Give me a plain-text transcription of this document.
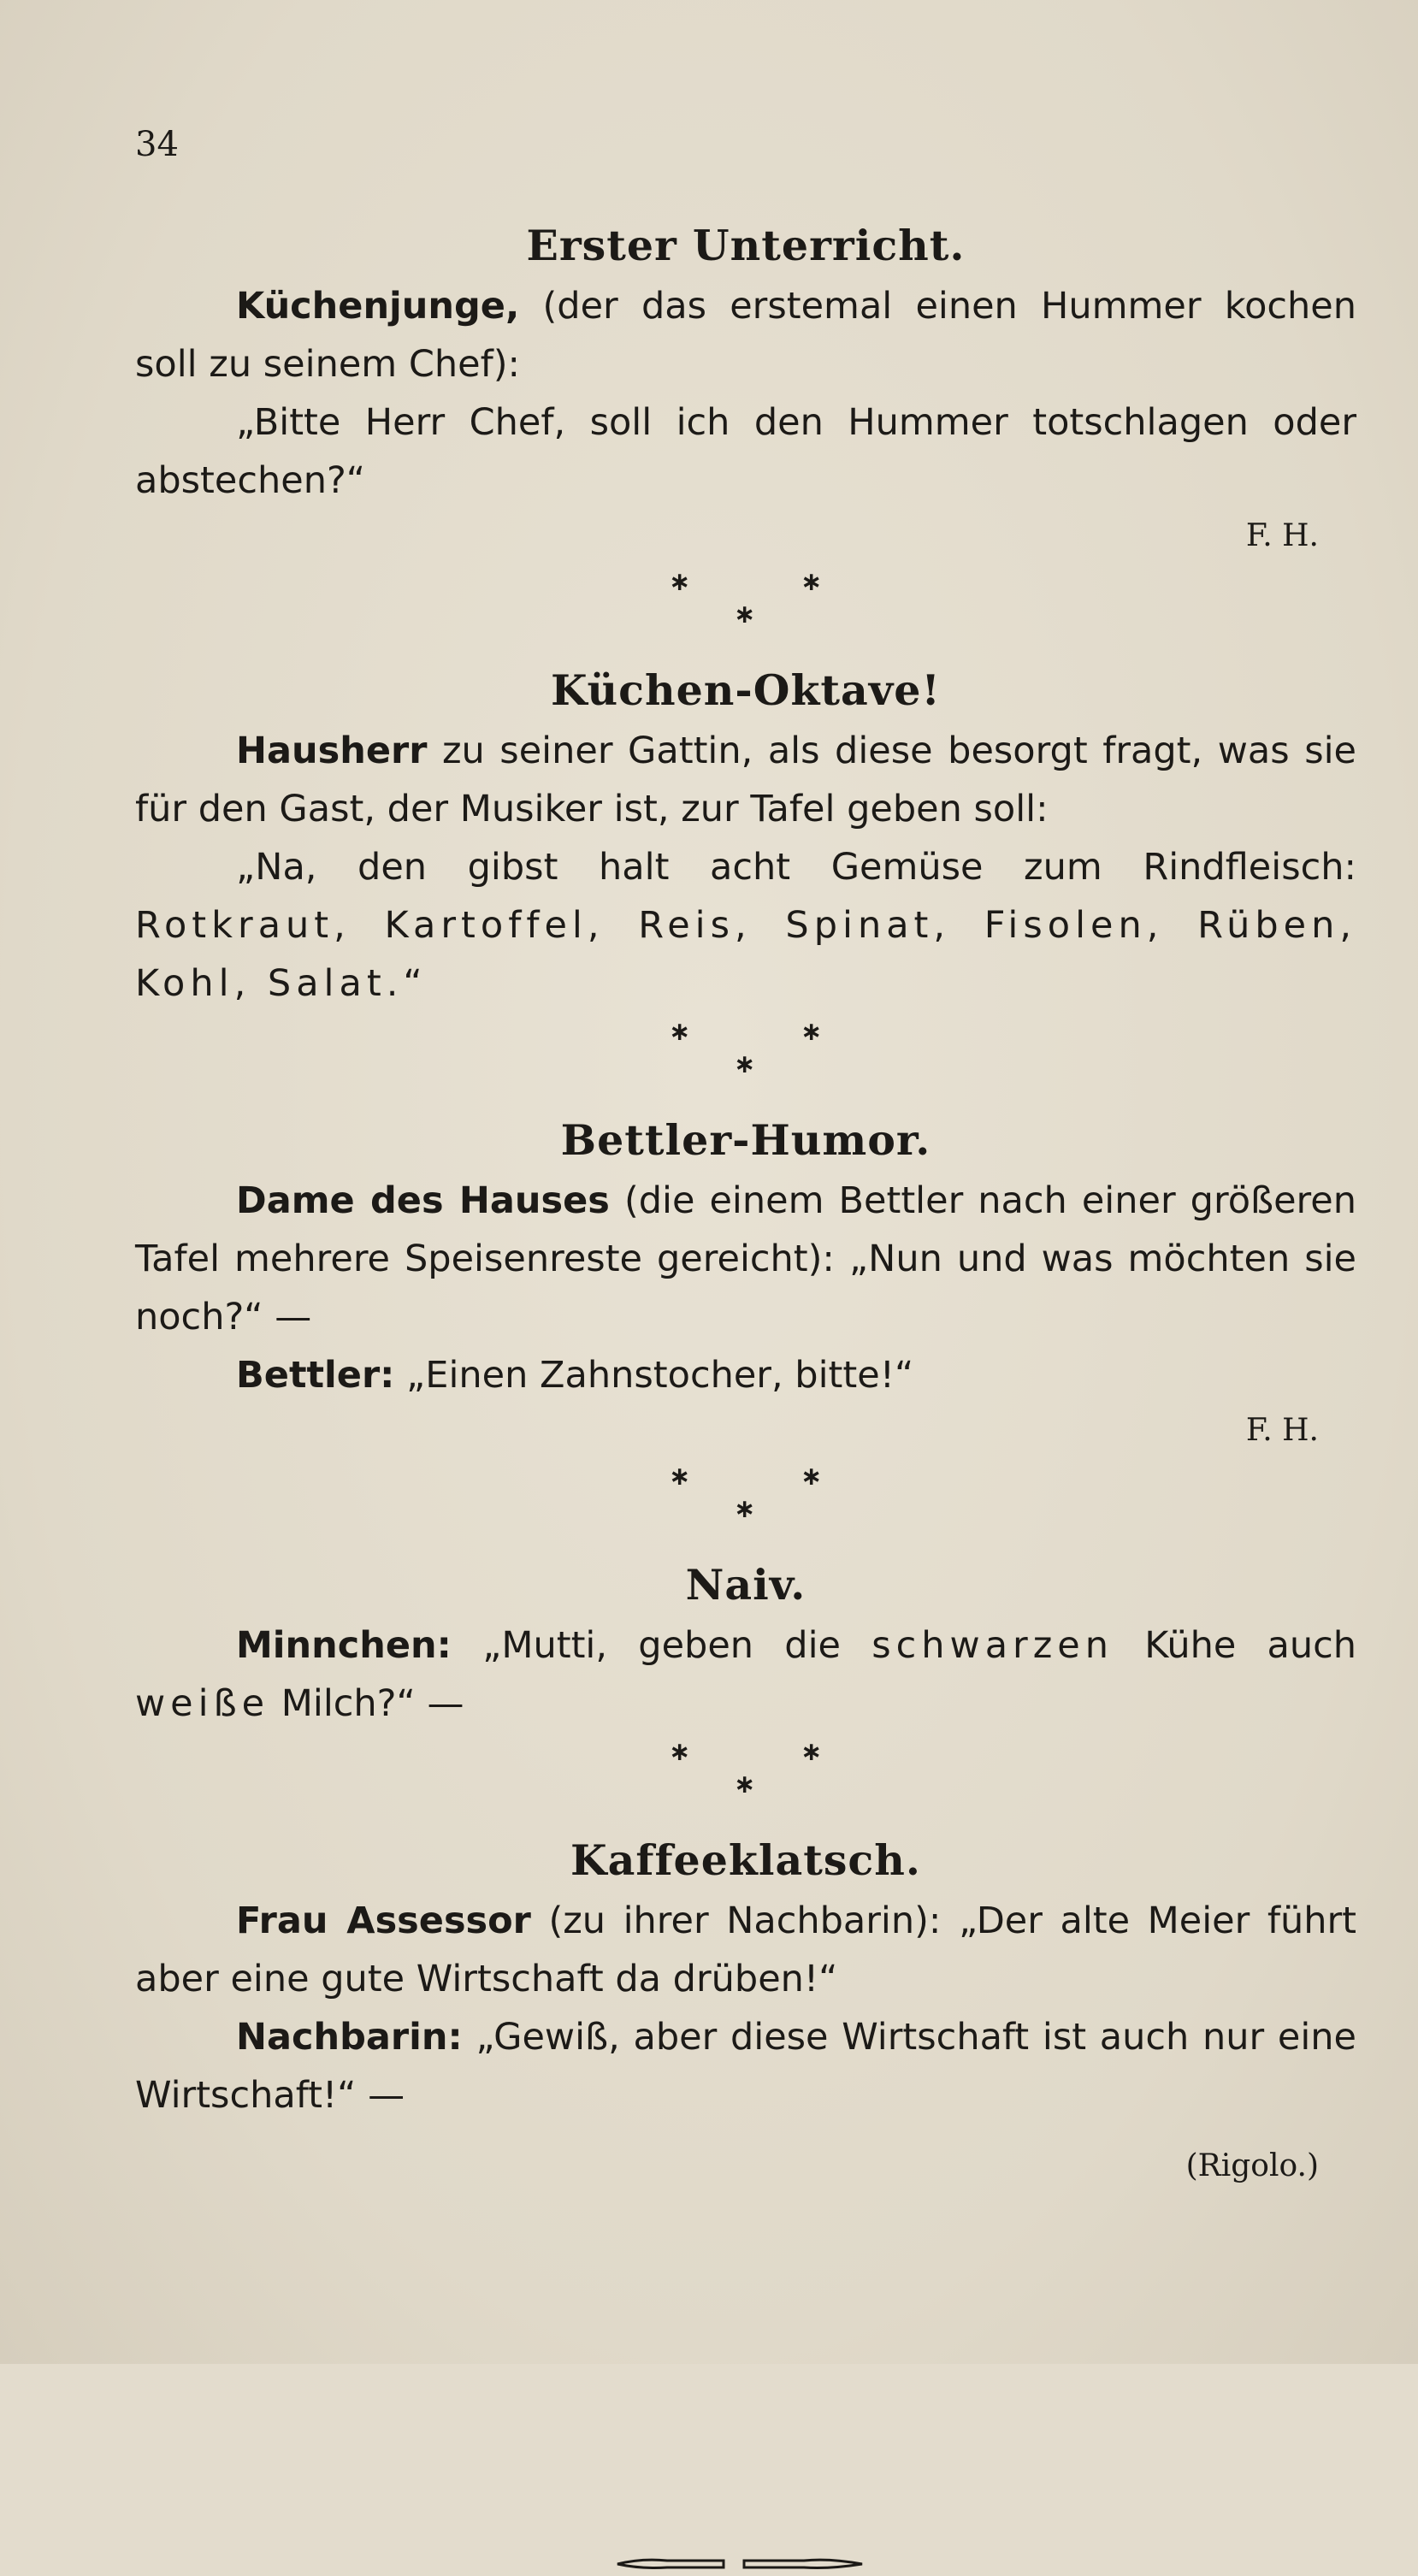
34
Erster Unterricht.

Küchenjunge, (der das erstemal einen Hummer kochen soll zu seinem Chef):

„Bitte Herr Chef, soll ich den Hummer totschlagen oder abstechen?“

F. H.
∗	∗
∗
Küchen-Oktave!

Hausherr zu seiner Gattin, als diese besorgt fragt, was sie für den Gast, der Musiker ist, zur Tafel geben soll:

„Na, den gibst halt acht Gemüse zum Rindfleisch: Rotkraut, Kartoffel, Reis, Spinat, Fisolen, Rüben, Kohl, Salat.“

∗	∗
∗
Bettler-Humor.

Dame des Hauses (die einem Bettler nach einer größeren Tafel mehrere Speisenreste gereicht): „Nun und was möchten sie noch?“ —

Bettler: „Einen Zahnstocher, bitte!“

F. H.
∗	∗
∗
Naiv.

Minnchen: „Mutti, geben die schwarzen Kühe auch weiße Milch?“ —

∗	∗
∗
Kaffeeklatsch.

Frau Assessor (zu ihrer Nachbarin): „Der alte Meier führt aber eine gute Wirtschaft da drüben!“

Nachbarin: „Gewiß, aber diese Wirtschaft ist auch nur eine Wirtschaft!“ —

(Rigolo.)
